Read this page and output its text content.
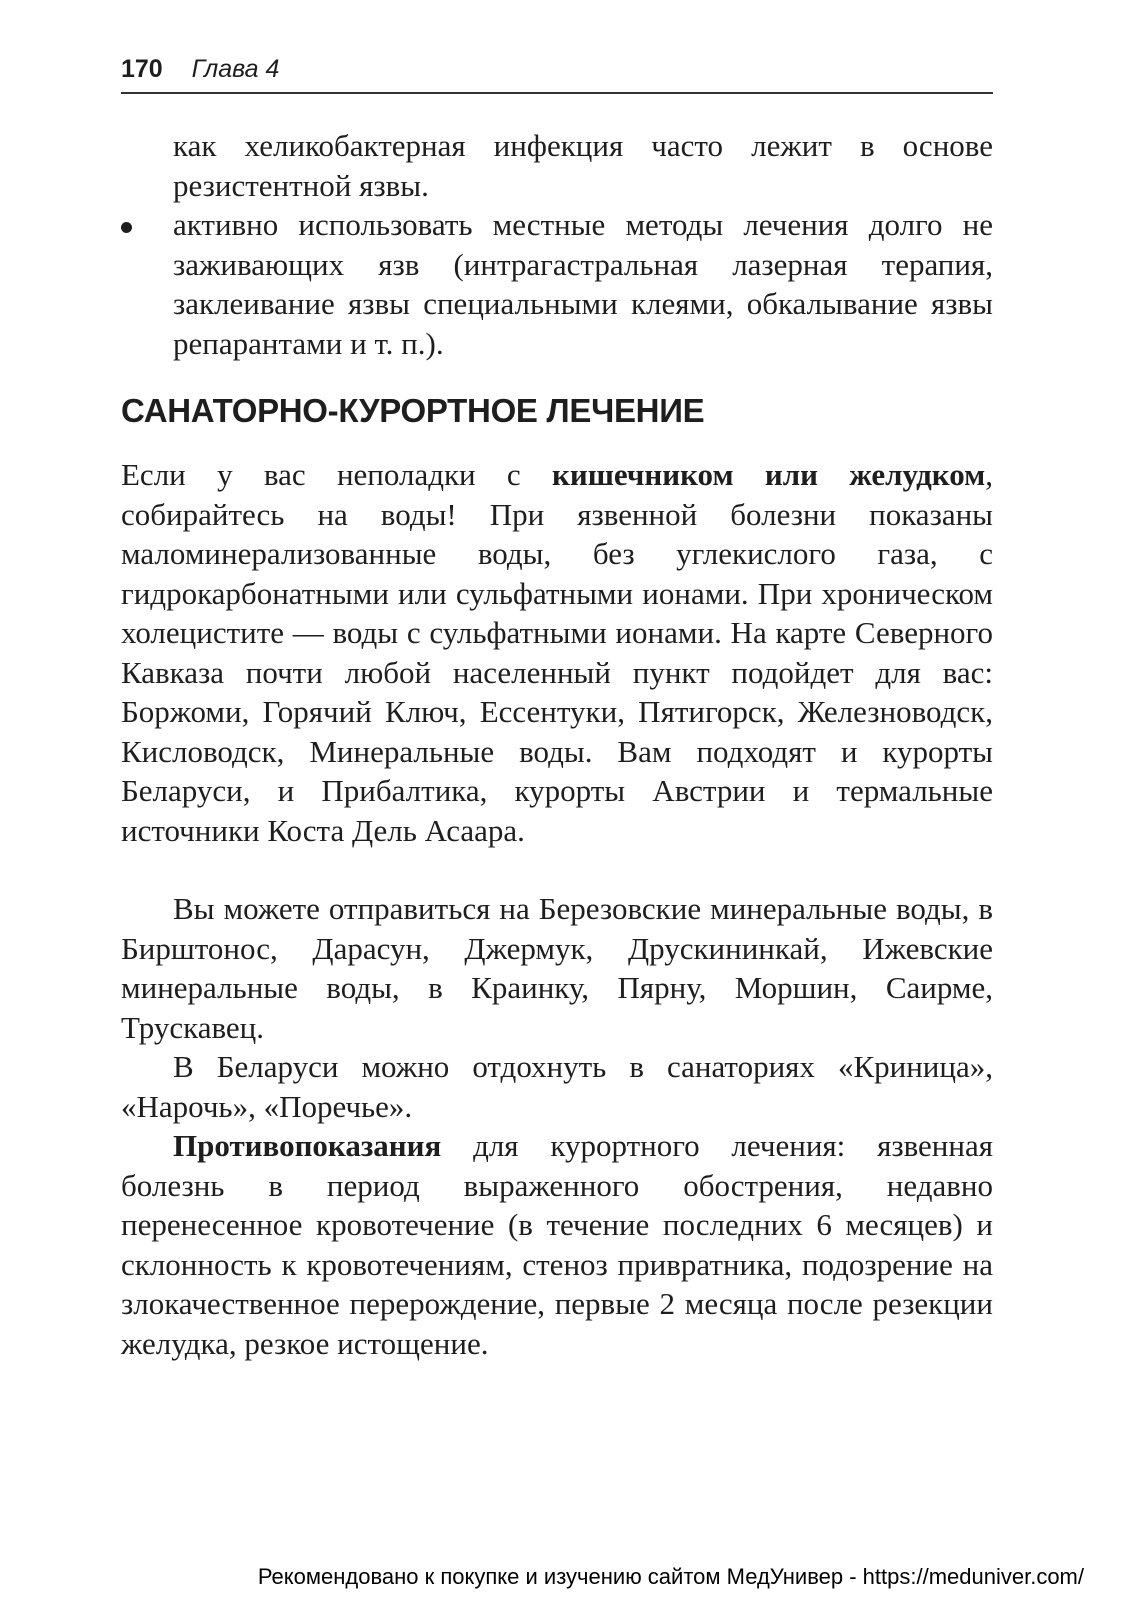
170 Глава 4
как хеликобактерная инфекция часто лежит в основе резистентной язвы.
активно использовать местные методы лечения долго не заживающих язв (интрагастральная лазерная терапия, заклеивание язвы специальными клеями, обкалывание язвы репарантами и т. п.).
САНАТОРНО-КУРОРТНОЕ ЛЕЧЕНИЕ

Если у вас неполадки с кишечником или желудком, собирайтесь на воды! При язвенной болезни показаны маломинерализованные воды, без углекислого газа, с гидрокарбонатными или сульфатными ионами. При хроническом холецистите — воды с сульфатными ионами. На карте Северного Кавказа почти любой населенный пункт подойдет для вас: Боржоми, Горячий Ключ, Ессентуки, Пятигорск, Железноводск, Кисловодск, Минеральные воды. Вам подходят и курорты Беларуси, и Прибалтика, курорты Австрии и термальные источники Коста Дель Асаара.

Вы можете отправиться на Березовские минеральные воды, в Бирштонос, Дарасун, Джермук, Друскининкай, Ижевские минеральные воды, в Краинку, Пярну, Моршин, Саирме, Трускавец.

В Беларуси можно отдохнуть в санаториях «Криница», «Нарочь», «Поречье».

Противопоказания для курортного лечения: язвенная болезнь в период выраженного обострения, недавно перенесенное кровотечение (в течение последних 6 месяцев) и склонность к кровотечениям, стеноз привратника, подозрение на злокачественное перерождение, первые 2 месяца после резекции желудка, резкое истощение.

Рекомендовано к покупке и изучению сайтом МедУнивер - https://meduniver.com/
